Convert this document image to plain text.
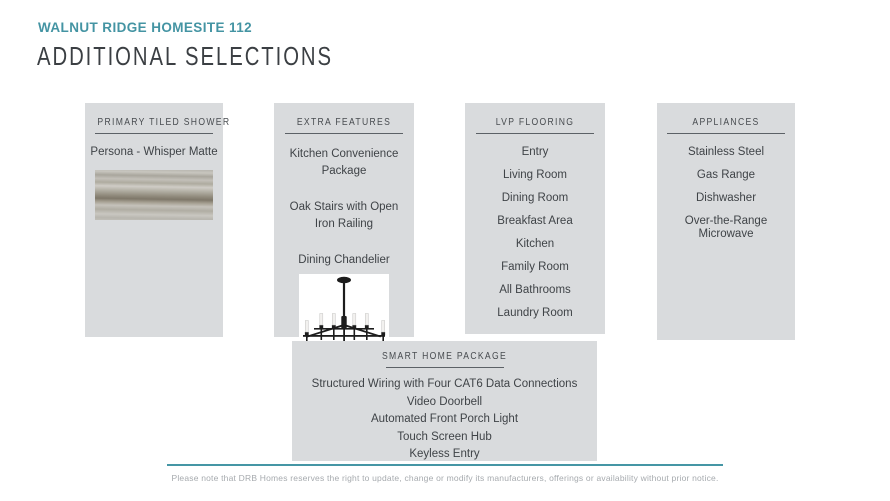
WALNUT RIDGE HOMESITE 112
ADDITIONAL SELECTIONS
PRIMARY TILED SHOWER
Persona - Whisper Matte
EXTRA FEATURES
Kitchen Convenience Package
Oak Stairs with Open Iron Railing
Dining Chandelier
LVP FLOORING
Entry
Living Room
Dining Room
Breakfast Area
Kitchen
Family Room
All Bathrooms
Laundry Room
APPLIANCES
Stainless Steel
Gas Range
Dishwasher
Over-the-Range Microwave
SMART HOME PACKAGE
Structured Wiring with Four CAT6 Data Connections
Video Doorbell
Automated Front Porch Light
Touch Screen Hub
Keyless Entry
Please note that DRB Homes reserves the right to update, change or modify its manufacturers, offerings or availability without prior notice.
